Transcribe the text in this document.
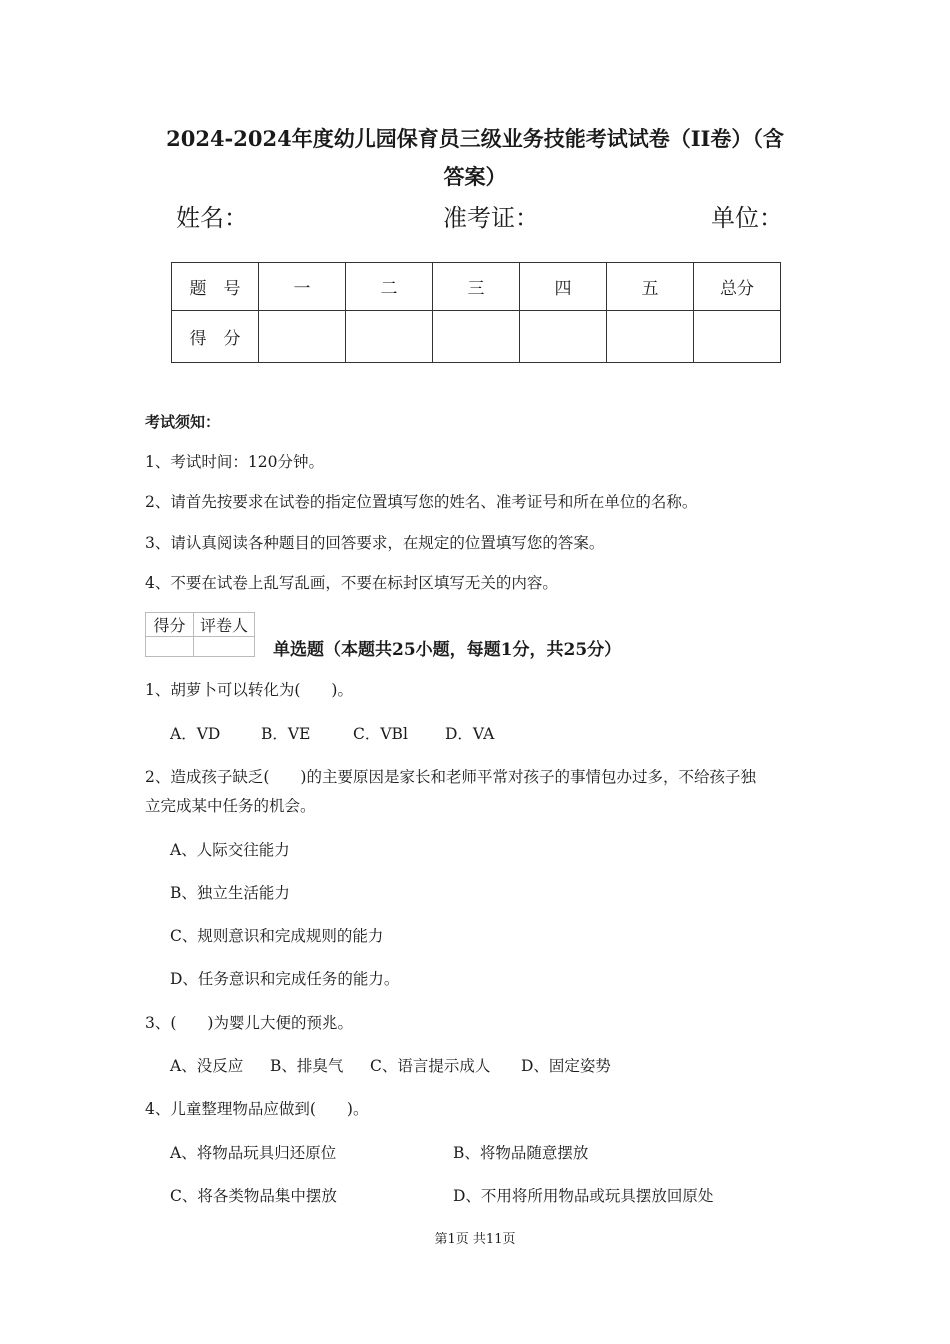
2024-2024年度幼儿园保育员三级业务技能考试试卷（II卷）（含
答案）
姓名：	准考证：	单位：
题　号	一	二	三	四	五	总分
得　分						
考试须知：
1、考试时间：120分钟。
2、请首先按要求在试卷的指定位置填写您的姓名、准考证号和所在单位的名称。
3、请认真阅读各种题目的回答要求，在规定的位置填写您的答案。
4、不要在试卷上乱写乱画，不要在标封区填写无关的内容。
得分	评卷人

单选题（本题共25小题，每题1分，共25分）
1、胡萝卜可以转化为(　　)。
A．VD	B．VE	C．VBl D．VA
2、造成孩子缺乏(　　)的主要原因是家长和老师平常对孩子的事情包办过多，不给孩子独
立完成某中任务的机会。
A、人际交往能力
B、独立生活能力
C、规则意识和完成规则的能力
D、任务意识和完成任务的能力。
3、(　　)为婴儿大便的预兆。
A、没反应 B、排臭气 C、语言提示成人 D、固定姿势
4、儿童整理物品应做到(　　)。
A、将物品玩具归还原位	B、将物品随意摆放
C、将各类物品集中摆放	D、不用将所用物品或玩具摆放回原处
第1页 共11页
